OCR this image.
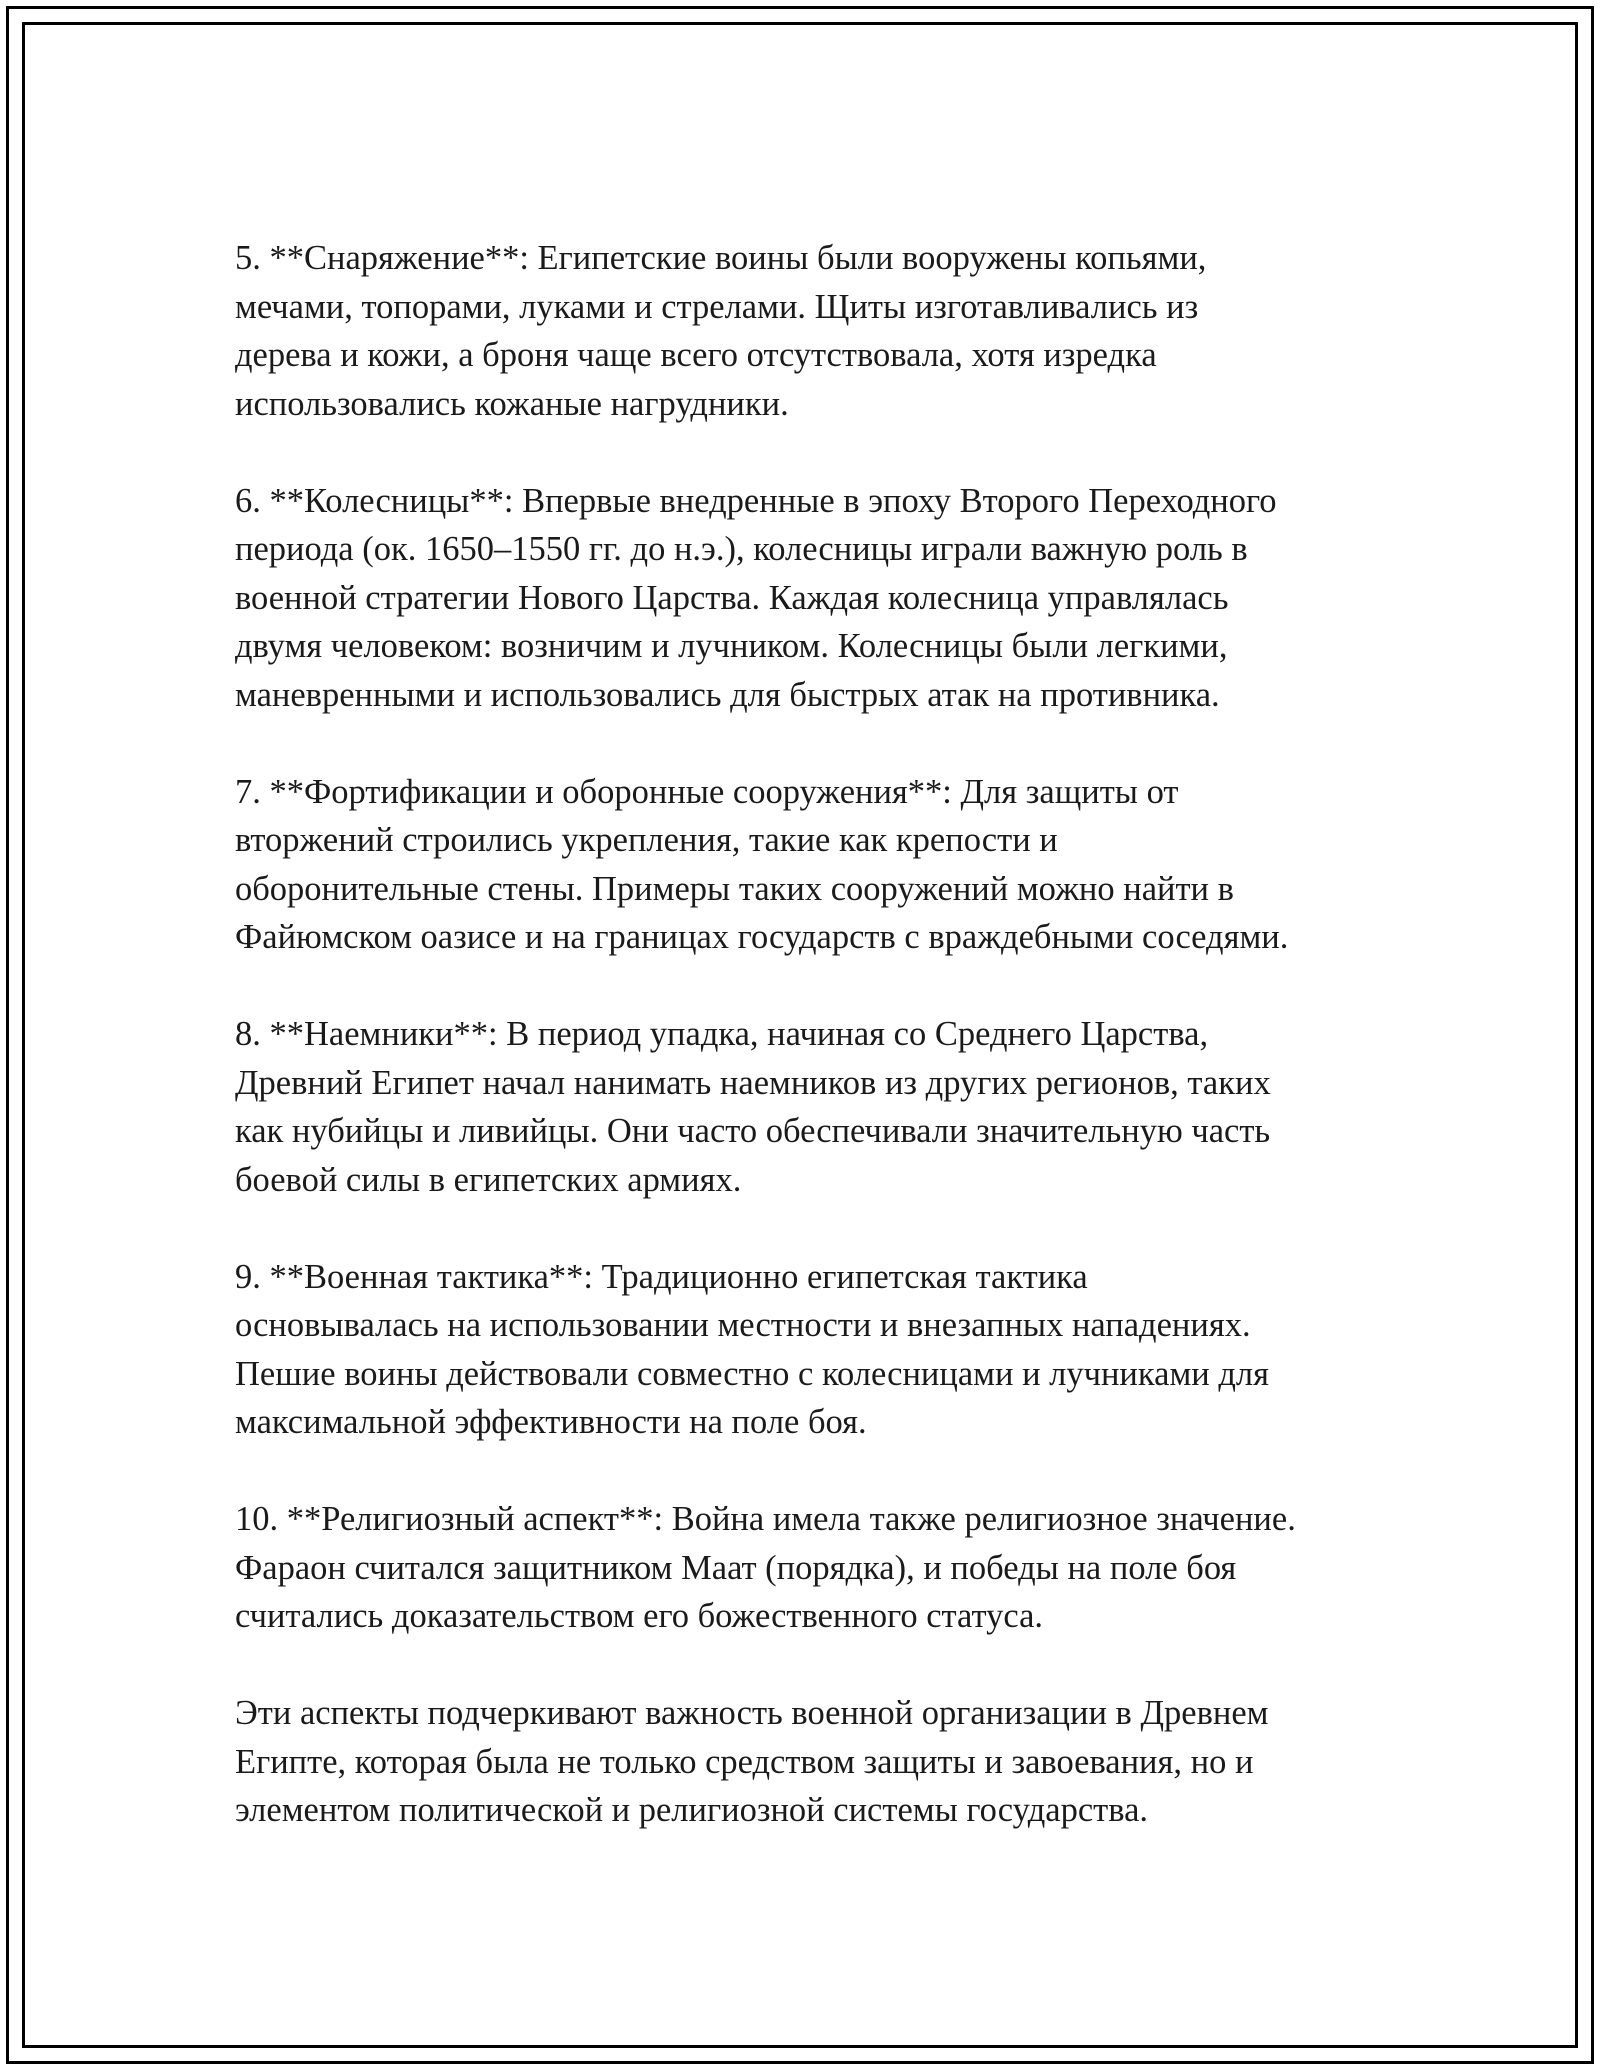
5. **Снаряжение**: Египетские воины были вооружены копьями,
мечами, топорами, луками и стрелами. Щиты изготавливались из
дерева и кожи, а броня чаще всего отсутствовала, хотя изредка
использовались кожаные нагрудники.

6. **Колесницы**: Впервые внедренные в эпоху Второго Переходного
периода (ок. 1650–1550 гг. до н.э.), колесницы играли важную роль в
военной стратегии Нового Царства. Каждая колесница управлялась
двумя человеком: возничим и лучником. Колесницы были легкими,
маневренными и использовались для быстрых атак на противника.

7. **Фортификации и оборонные сооружения**: Для защиты от
вторжений строились укрепления, такие как крепости и
оборонительные стены. Примеры таких сооружений можно найти в
Файюмском оазисе и на границах государств с враждебными соседями.

8. **Наемники**: В период упадка, начиная со Среднего Царства,
Древний Египет начал нанимать наемников из других регионов, таких
как нубийцы и ливийцы. Они часто обеспечивали значительную часть
боевой силы в египетских армиях.

9. **Военная тактика**: Традиционно египетская тактика
основывалась на использовании местности и внезапных нападениях.
Пешие воины действовали совместно с колесницами и лучниками для
максимальной эффективности на поле боя.

10. **Религиозный аспект**: Война имела также религиозное значение.
Фараон считался защитником Маат (порядка), и победы на поле боя
считались доказательством его божественного статуса.

Эти аспекты подчеркивают важность военной организации в Древнем
Египте, которая была не только средством защиты и завоевания, но и
элементом политической и религиозной системы государства.
